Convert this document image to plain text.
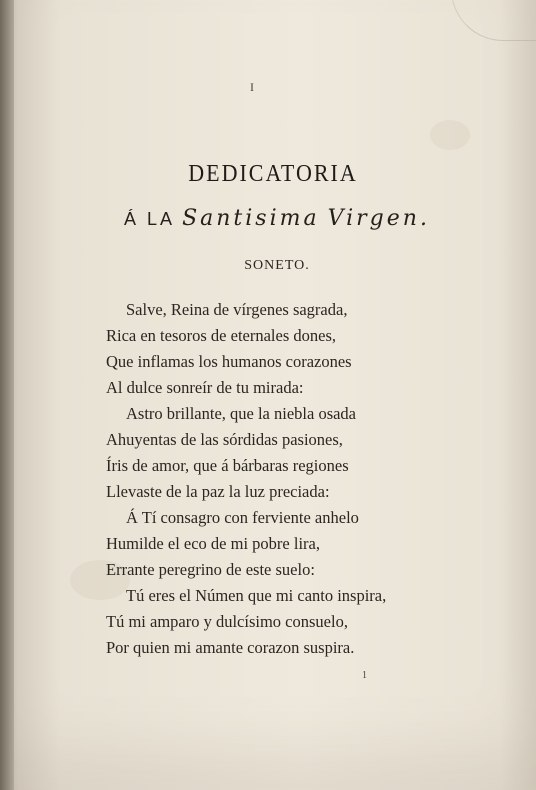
I
DEDICATORIA
Á LA Santisima Virgen.
SONETO.
Salve, Reina de vírgenes sagrada,
Rica en tesoros de eternales dones,
Que inflamas los humanos corazones
Al dulce sonreír de tu mirada:
Astro brillante, que la niebla osada
Ahuyentas de las sórdidas pasiones,
Íris de amor, que á bárbaras regiones
Llevaste de la paz la luz preciada:
Á Tí consagro con ferviente anhelo
Humilde el eco de mi pobre lira,
Errante peregrino de este suelo:
Tú eres el Númen que mi canto inspira,
Tú mi amparo y dulcísimo consuelo,
Por quien mi amante corazon suspira.
1
